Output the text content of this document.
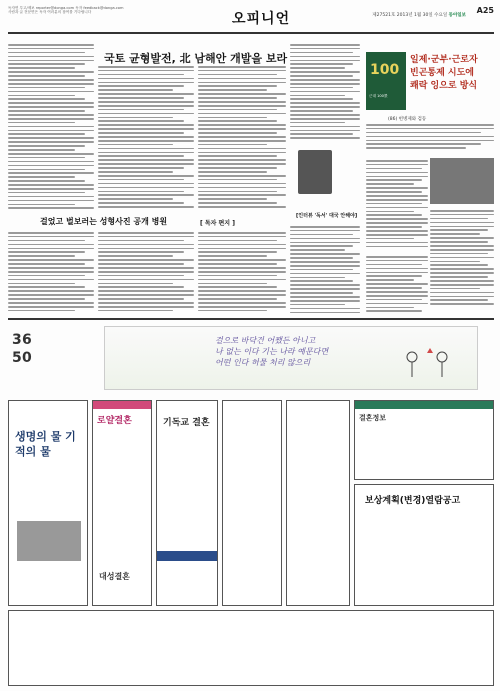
독자면 투고/제보 reporter@donga.com 독자 feedback@donga.com
사람과 글 전문면은 독자 여러분의 참여를 기다립니다	오피니언	제27521호 2013년 1월 30일 수요일 동아일보
A25
국토 균형발전, 北 남해안 개발을 보라
100
근대 100景
일제·군부·근로자
빈곤통제 시도에
쾌락 잉으로 방식
(86) 헌병제와 검등
[인터뷰 '독서' 대국 안해야]
걸었고 벌보러는 성형사진 공개 병원	[ 독자 편지 ]
3 6
5 0
걸으로 바닥건 어쨌든 아니고
나 없는 이다 기는 나라 예문다면
어떤 인다 허물 처리 않으리
생명의 물 기적의 물
로얄결혼
대성결혼
기독교 결혼	결혼정보
보상계획(변경)열람공고
